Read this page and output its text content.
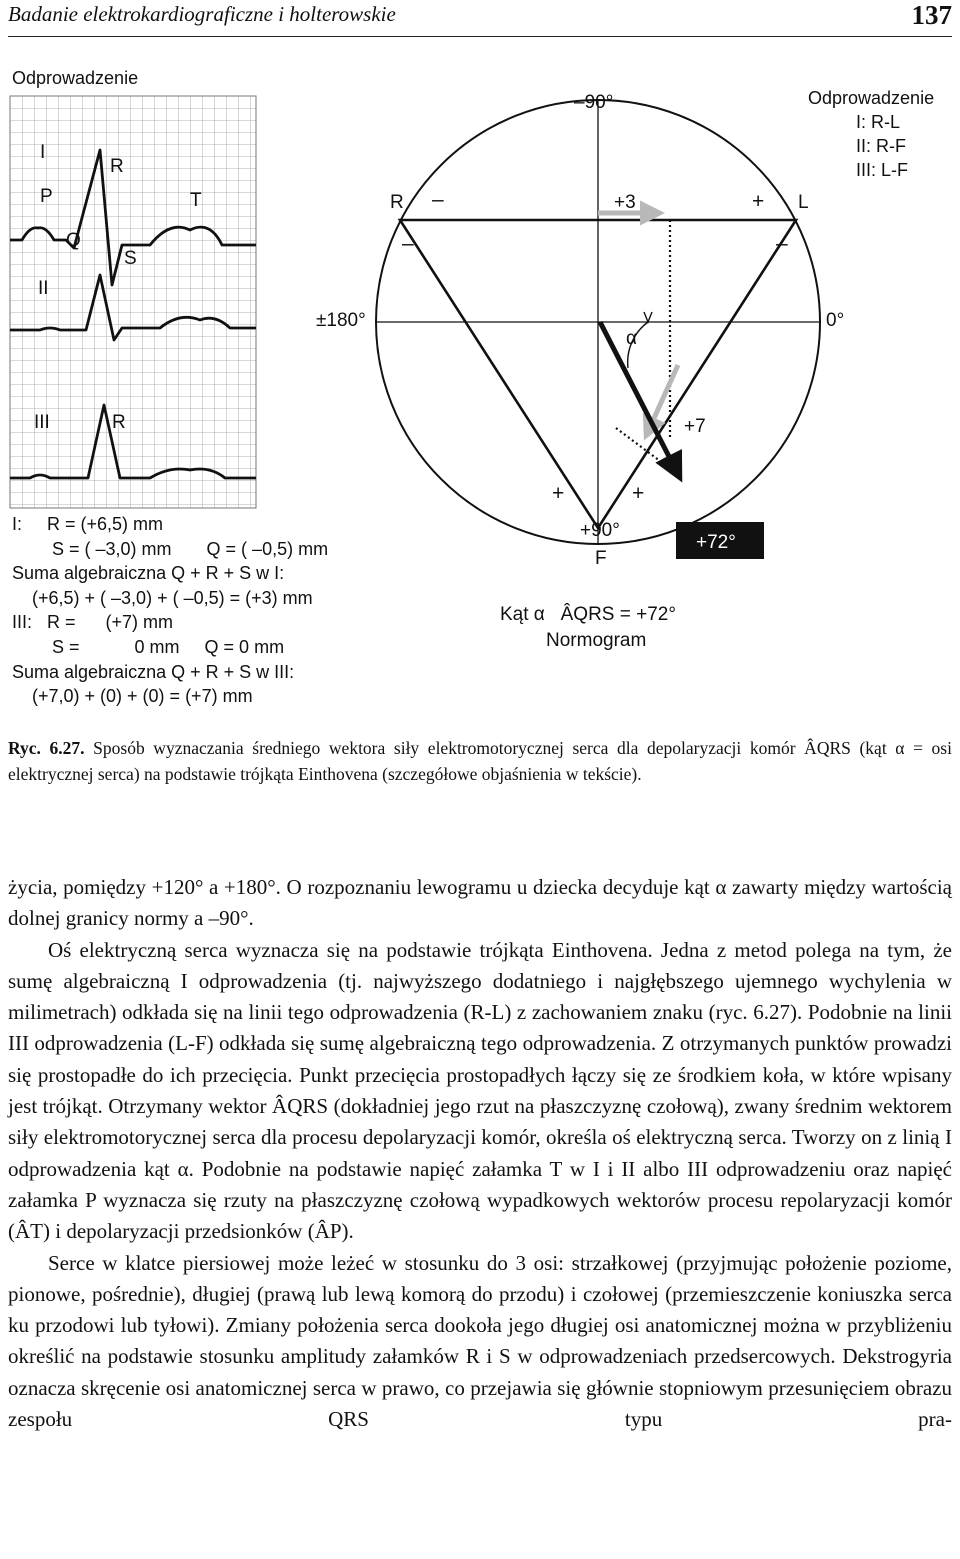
Badanie elektrokardiograficzne i holterowskie	137
Odprowadzenie
I
P
R
T
Q
S
II
III	R
–90°
±180°	0°
+90°
F
R	L
–	+
–	–
+	+
+3
+7
α
+72°
Odprowadzenie
I: R-L
II: R-F
III: L-F
Kąt α   ÂQRS = +72°
Normogram
I:     R = (+6,5) mm
S = ( –3,0) mm       Q = ( –0,5) mm
Suma algebraiczna Q + R + S w I:
(+6,5) + ( –3,0) + ( –0,5) = (+3) mm
III:   R =      (+7) mm
S =           0 mm     Q = 0 mm
Suma algebraiczna Q + R + S w III:
(+7,0) + (0) + (0) = (+7) mm
Ryc. 6.27. Sposób wyznaczania średniego wektora siły elektromotorycznej serca dla depolaryzacji komór ÂQRS (kąt α = osi elektrycznej serca) na podstawie trójkąta Einthovena (szczegółowe objaśnienia w tekście).

życia, pomiędzy +120° a +180°. O rozpoznaniu lewogramu u dziecka decyduje kąt α zawarty między wartością dolnej granicy normy a –90°.

Oś elektryczną serca wyznacza się na podstawie trójkąta Einthovena. Jedna z metod polega na tym, że sumę algebraiczną I odprowadzenia (tj. najwyższego dodatniego i najgłębszego ujemnego wychylenia w milimetrach) odkłada się na linii tego odprowadzenia (R-L) z zachowaniem znaku (ryc. 6.27). Podobnie na linii III odprowadzenia (L-F) odkłada się sumę algebraiczną tego odprowadzenia. Z otrzymanych punktów prowadzi się prostopadłe do ich przecięcia. Punkt przecięcia prostopadłych łączy się ze środkiem koła, w które wpisany jest trójkąt. Otrzymany wektor ÂQRS (dokładniej jego rzut na płaszczyznę czołową), zwany średnim wektorem siły elektromotorycznej serca dla procesu depolaryzacji komór, określa oś elektryczną serca. Tworzy on z linią I odprowadzenia kąt α. Podobnie na podstawie napięć załamka T w I i II albo III odprowadzeniu oraz napięć załamka P wyznacza się rzuty na płaszczyznę czołową wypadkowych wektorów procesu repolaryzacji komór (ÂT) i depolaryzacji przedsionków (ÂP).

Serce w klatce piersiowej może leżeć w stosunku do 3 osi: strzałkowej (przyjmując położenie poziome, pionowe, pośrednie), długiej (prawą lub lewą komorą do przodu) i czołowej (przemieszczenie koniuszka serca ku przodowi lub tyłowi). Zmiany położenia serca dookoła jego długiej osi anatomicznej można w przybliżeniu określić na podstawie stosunku amplitudy załamków R i S w odprowadzeniach przedsercowych. Dekstrogyria oznacza skręcenie osi anatomicznej serca w prawo, co przejawia się głównie stopniowym przesunięciem obrazu zespołu QRS typu pra-
